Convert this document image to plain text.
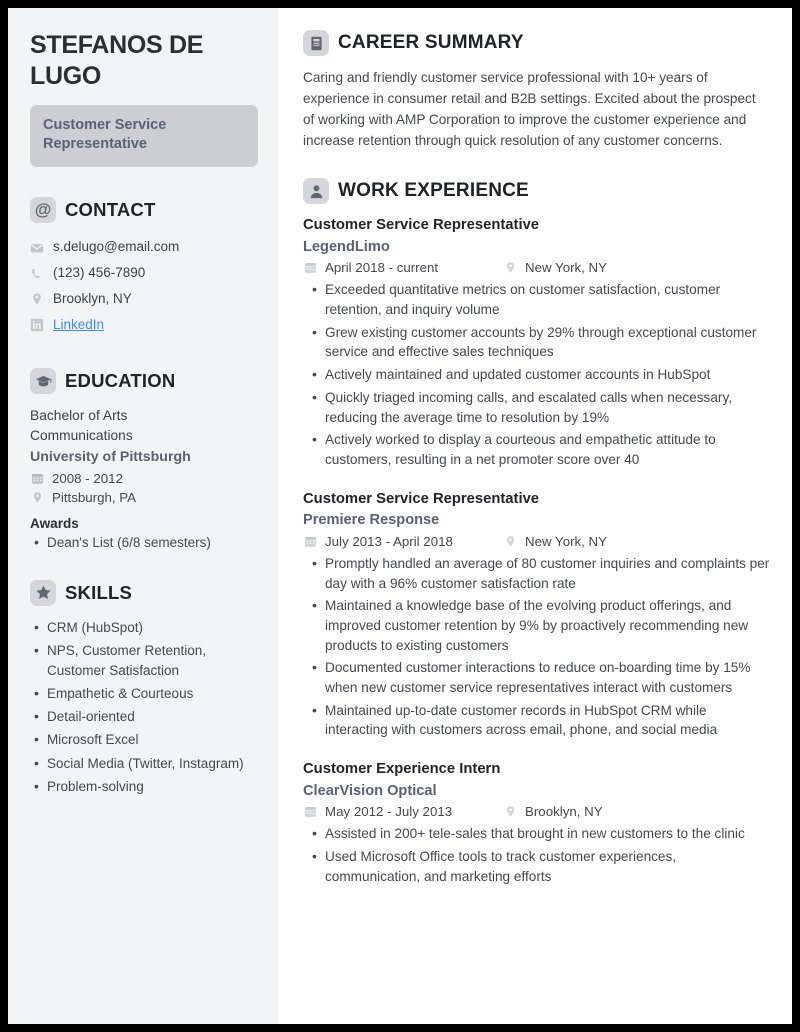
STEFANOS DE LUGO
Customer Service Representative
@ CONTACT
s.delugo@email.com
(123) 456-7890
Brooklyn, NY
LinkedIn
EDUCATION
Bachelor of Arts
Communications
University of Pittsburgh
2008 - 2012
Pittsburgh, PA
Awards
• Dean's List (6/8 semesters)
SKILLS
• CRM (HubSpot)
• NPS, Customer Retention, Customer Satisfaction
• Empathetic & Courteous
• Detail-oriented
• Microsoft Excel
• Social Media (Twitter, Instagram)
• Problem-solving
CAREER SUMMARY

Caring and friendly customer service professional with 10+ years of experience in consumer retail and B2B settings. Excited about the prospect of working with AMP Corporation to improve the customer experience and increase retention through quick resolution of any customer concerns.

WORK EXPERIENCE
Customer Service Representative
LegendLimo
April 2018 - current	New York, NY
• Exceeded quantitative metrics on customer satisfaction, customer retention, and inquiry volume
• Grew existing customer accounts by 29% through exceptional customer service and effective sales techniques
• Actively maintained and updated customer accounts in HubSpot
• Quickly triaged incoming calls, and escalated calls when necessary, reducing the average time to resolution by 19%
• Actively worked to display a courteous and empathetic attitude to customers, resulting in a net promoter score over 40
Customer Service Representative
Premiere Response
July 2013 - April 2018	New York, NY
• Promptly handled an average of 80 customer inquiries and complaints per day with a 96% customer satisfaction rate
• Maintained a knowledge base of the evolving product offerings, and improved customer retention by 9% by proactively recommending new products to existing customers
• Documented customer interactions to reduce on-boarding time by 15% when new customer service representatives interact with customers
• Maintained up-to-date customer records in HubSpot CRM while interacting with customers across email, phone, and social media
Customer Experience Intern
ClearVision Optical
May 2012 - July 2013	Brooklyn, NY
• Assisted in 200+ tele-sales that brought in new customers to the clinic
• Used Microsoft Office tools to track customer experiences, communication, and marketing efforts
